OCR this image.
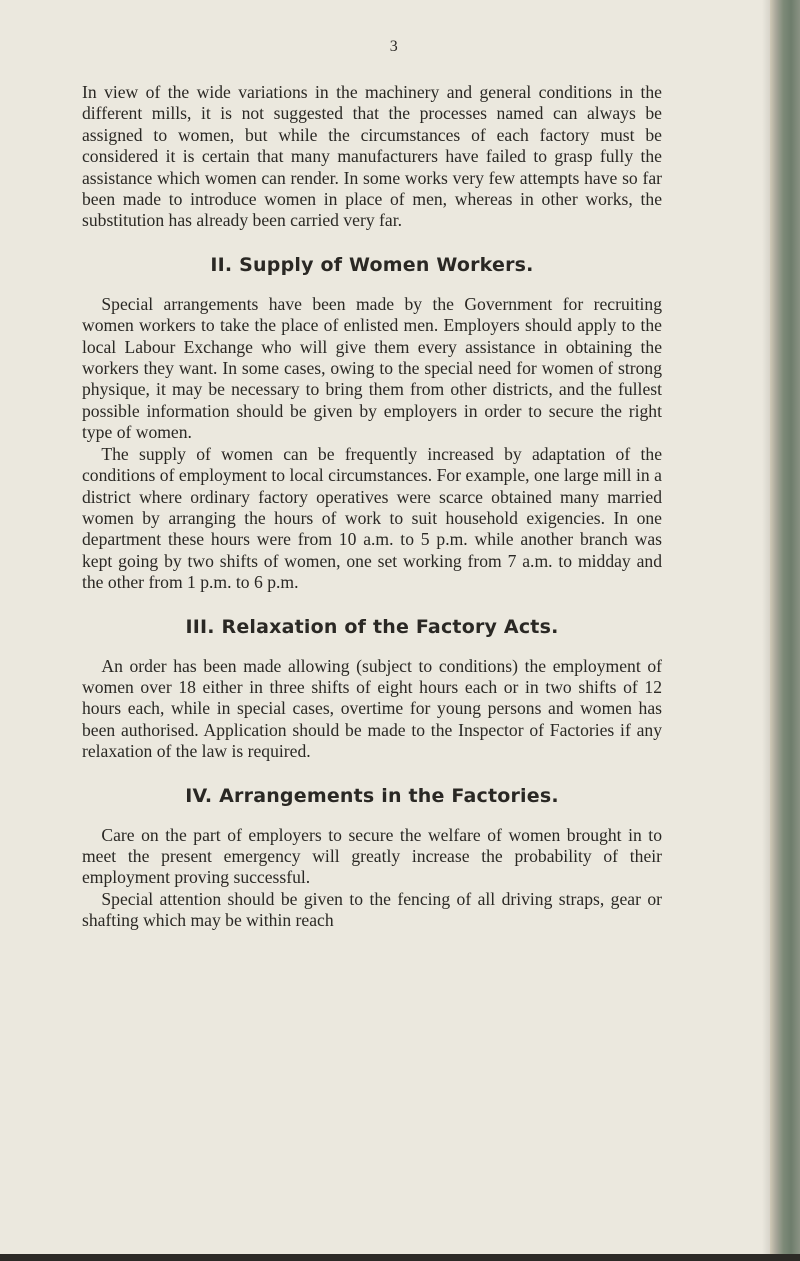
3

In view of the wide variations in the machinery and general conditions in the different mills, it is not suggested that the processes named can always be assigned to women, but while the circumstances of each factory must be considered it is certain that many manufacturers have failed to grasp fully the assistance which women can render. In some works very few attempts have so far been made to introduce women in place of men, whereas in other works, the substitution has already been carried very far.

II. Supply of Women Workers.

Special arrangements have been made by the Government for recruiting women workers to take the place of enlisted men. Employers should apply to the local Labour Exchange who will give them every assistance in obtaining the workers they want. In some cases, owing to the special need for women of strong physique, it may be necessary to bring them from other districts, and the fullest possible information should be given by employers in order to secure the right type of women.

The supply of women can be frequently increased by adaptation of the conditions of employment to local circumstances. For example, one large mill in a district where ordinary factory operatives were scarce obtained many married women by arranging the hours of work to suit household exigencies. In one department these hours were from 10 a.m. to 5 p.m. while another branch was kept going by two shifts of women, one set working from 7 a.m. to midday and the other from 1 p.m. to 6 p.m.

III. Relaxation of the Factory Acts.

An order has been made allowing (subject to conditions) the employment of women over 18 either in three shifts of eight hours each or in two shifts of 12 hours each, while in special cases, overtime for young persons and women has been authorised. Application should be made to the Inspector of Factories if any relaxation of the law is required.

IV. Arrangements in the Factories.

Care on the part of employers to secure the welfare of women brought in to meet the present emergency will greatly increase the probability of their employment proving successful.

Special attention should be given to the fencing of all driving straps, gear or shafting which may be within reach
